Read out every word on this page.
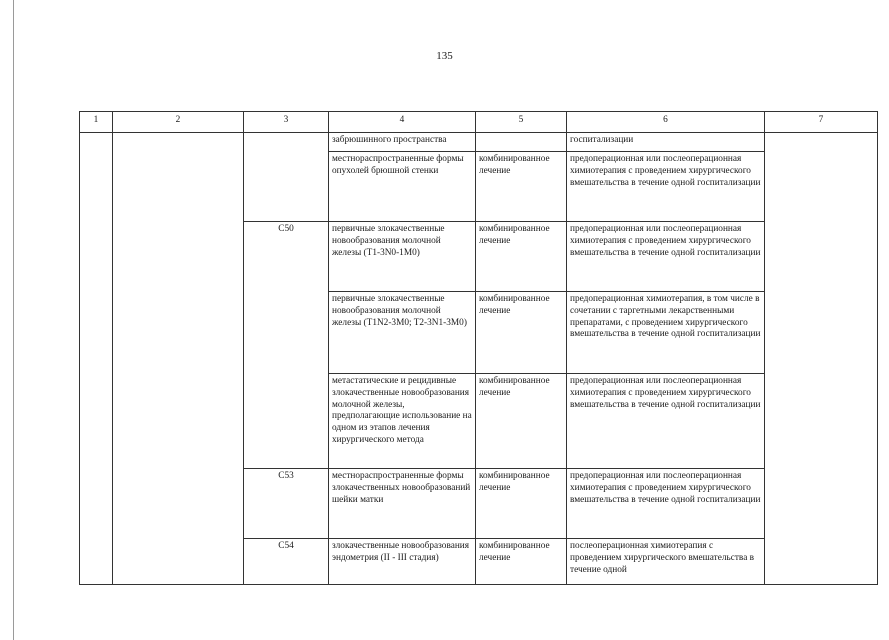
135
1	2	3	4	5	6	7
			забрюшинного пространства		госпитализации	
			местнораспространенные формы опухолей брюшной стенки	комбинированное лечение	предоперационная или послеоперационная химиотерапия с проведением хирургического вмешательства в течение одной госпитализации	
		C50	первичные злокачественные новообразования молочной железы (T1-3N0-1M0)	комбинированное лечение	предоперационная или послеоперационная химиотерапия с проведением хирургического вмешательства в течение одной госпитализации	
			первичные злокачественные новообразования молочной железы (T1N2-3M0; T2-3N1-3M0)	комбинированное лечение	предоперационная химиотерапия, в том числе в сочетании с таргетными лекарственными препаратами, с проведением хирургического вмешательства в течение одной госпитализации	
			метастатические и рецидивные злокачественные новообразования молочной железы, предполагающие использование на одном из этапов лечения хирургического метода	комбинированное лечение	предоперационная или послеоперационная химиотерапия с проведением хирургического вмешательства в течение одной госпитализации	
		C53	местнораспространенные формы злокачественных новообразований шейки матки	комбинированное лечение	предоперационная или послеоперационная химиотерапия с проведением хирургического вмешательства в течение одной госпитализации	
		C54	злокачественные новообразования эндометрия (II - III стадия)	комбинированное лечение	послеоперационная химиотерапия с проведением хирургического вмешательства в течение одной	
